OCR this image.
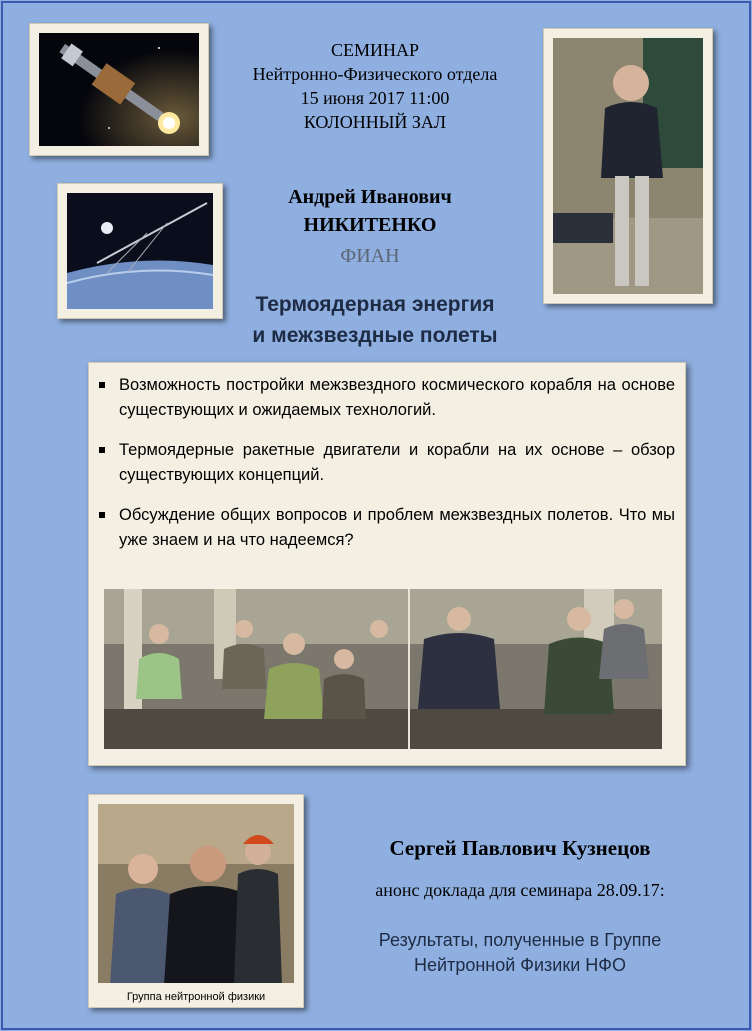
СЕМИНАР
Нейтронно-Физического отдела
15 июня 2017 11:00
КОЛОННЫЙ ЗАЛ
Андрей Иванович
НИКИТЕНКО
ФИАН
Термоядерная энергия
и межзвездные полеты
Возможность постройки межзвездного космического корабля на основе существующих и ожидаемых технологий.
Термоядерные ракетные двигатели и корабли на их основе – обзор существующих концепций.
Обсуждение общих вопросов и проблем межзвездных полетов. Что мы уже знаем и на что надеемся?
Группа нейтронной физики
Сергей Павлович Кузнецов
анонс доклада для семинара 28.09.17:
Результаты, полученные в Группе
Нейтронной Физики НФО
